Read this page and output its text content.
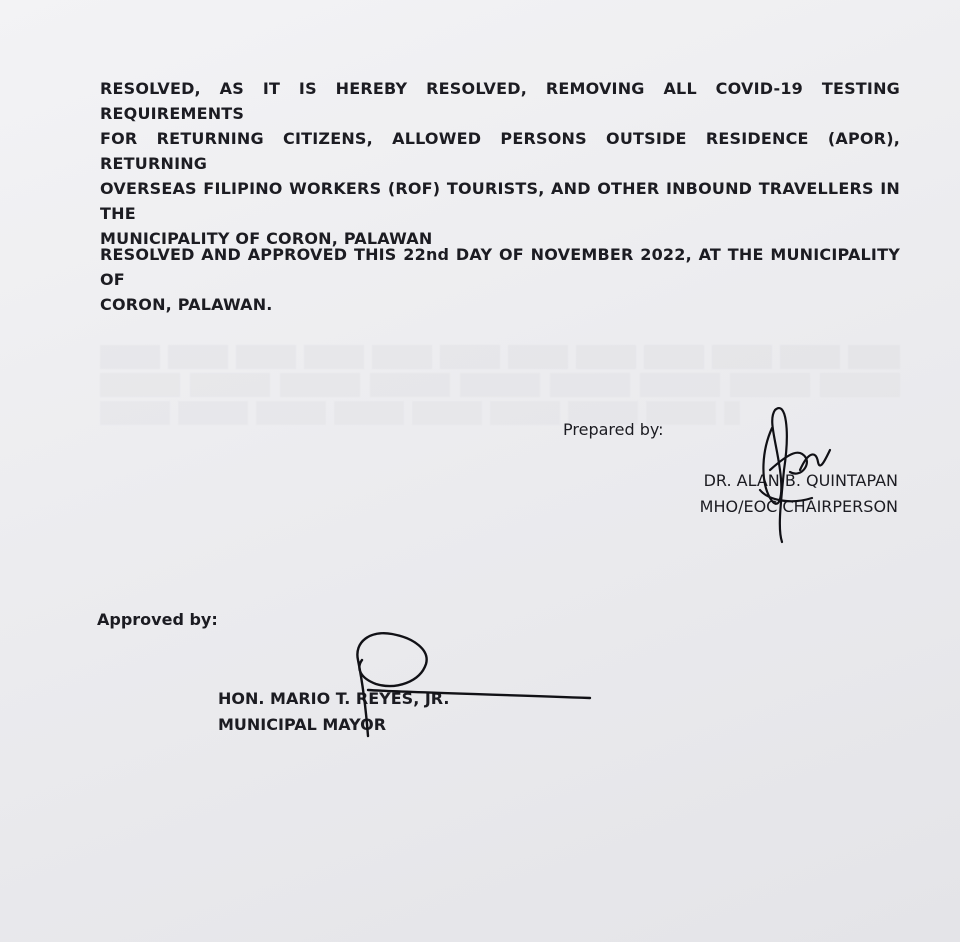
RESOLVED, AS IT IS HEREBY RESOLVED, REMOVING ALL COVID-19 TESTING REQUIREMENTS
FOR RETURNING CITIZENS, ALLOWED PERSONS OUTSIDE RESIDENCE (APOR), RETURNING
OVERSEAS FILIPINO WORKERS (ROF) TOURISTS, AND OTHER INBOUND TRAVELLERS IN THE
MUNICIPALITY OF CORON, PALAWAN
RESOLVED AND APPROVED THIS 22nd DAY OF NOVEMBER 2022, AT THE MUNICIPALITY OF
CORON, PALAWAN.
Prepared by:
DR. ALAN B. QUINTAPAN
MHO/EOC CHAIRPERSON
Approved by:
HON. MARIO T. REYES, JR.
MUNICIPAL MAYOR
